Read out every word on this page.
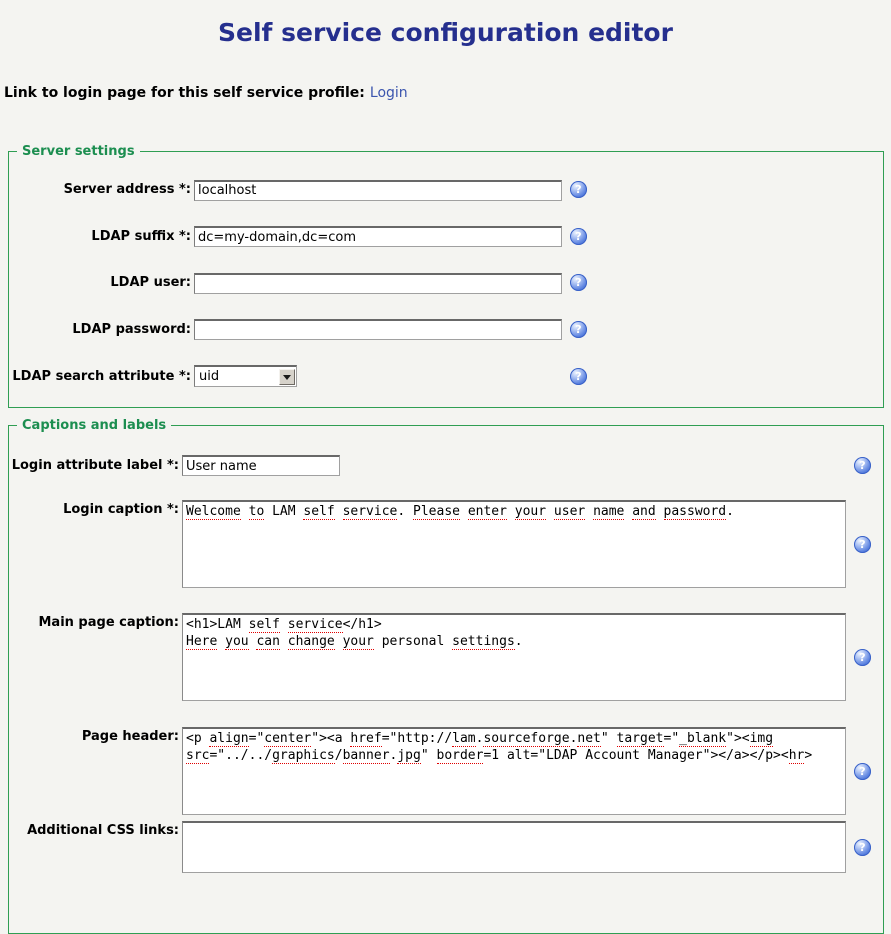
Self service configuration editor
Link to login page for this self service profile: Login
Server settings
Server address *:
localhost
?
LDAP suffix *:
dc=my-domain,dc=com
?
LDAP user:
?
LDAP password:
?
LDAP search attribute *: uid
?
Captions and labels
Login attribute label *:
User name
?
Login caption *: Welcome to LAM self service. Please enter your user name and password.
?
Main page caption: <h1>LAM self service</h1>
Here you can change your personal settings.
?
Page header: <p align="center"><a href="http://lam.sourceforge.net" target="_blank"><img src="../../graphics/banner.jpg" border=1 alt="LDAP Account Manager"></a></p><hr>
?
Additional CSS links:
?
